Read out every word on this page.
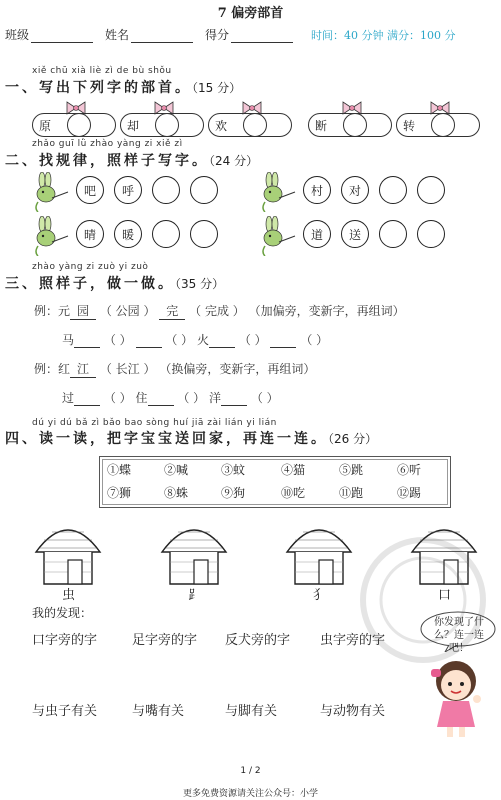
7 偏旁部首
班级	姓名	得分	时间：40 分钟 满分：100 分
xiě chū xià liè zì de bù shǒu
一、写出下列字的部首。（15 分）
原	却	欢	断	转
zhǎo guī lǜ zhào yàng zi xiě zì
二、找规律，照样子写字。（24 分）
吧	呼	村	对
晴	暖	道	送
zhào yàng zi zuò yi zuò
三、照样子，做一做。（35 分）
例：元 园 （ 公园 ） 完 （ 完成 ） （加偏旁，变新字，再组词）
马 （ ）	（ ） 火 （ ）	（ ）
例：红 江 （ 长江 ） （换偏旁，变新字，再组词）
过 （ ） 住 （ ） 洋 （ ）
dú yi dú bǎ zì bǎo bao sòng huí jiā zài lián yi lián
四、读一读，把字宝宝送回家，再连一连。（26 分）
①蝶	②喊	③蚊	④猫	⑤跳	⑥听
⑦狮	⑧蛛	⑨狗	⑩吃	⑪跑	⑫踢
虫	⻊	犭	口
我的发现：
口字旁的字	足字旁的字 反犬旁的字 虫字旁的字
与虫子有关	与嘴有关	与脚有关	与动物有关
你发现了什么？连一连吧！
1 / 2
更多免费资源请关注公众号：小学
